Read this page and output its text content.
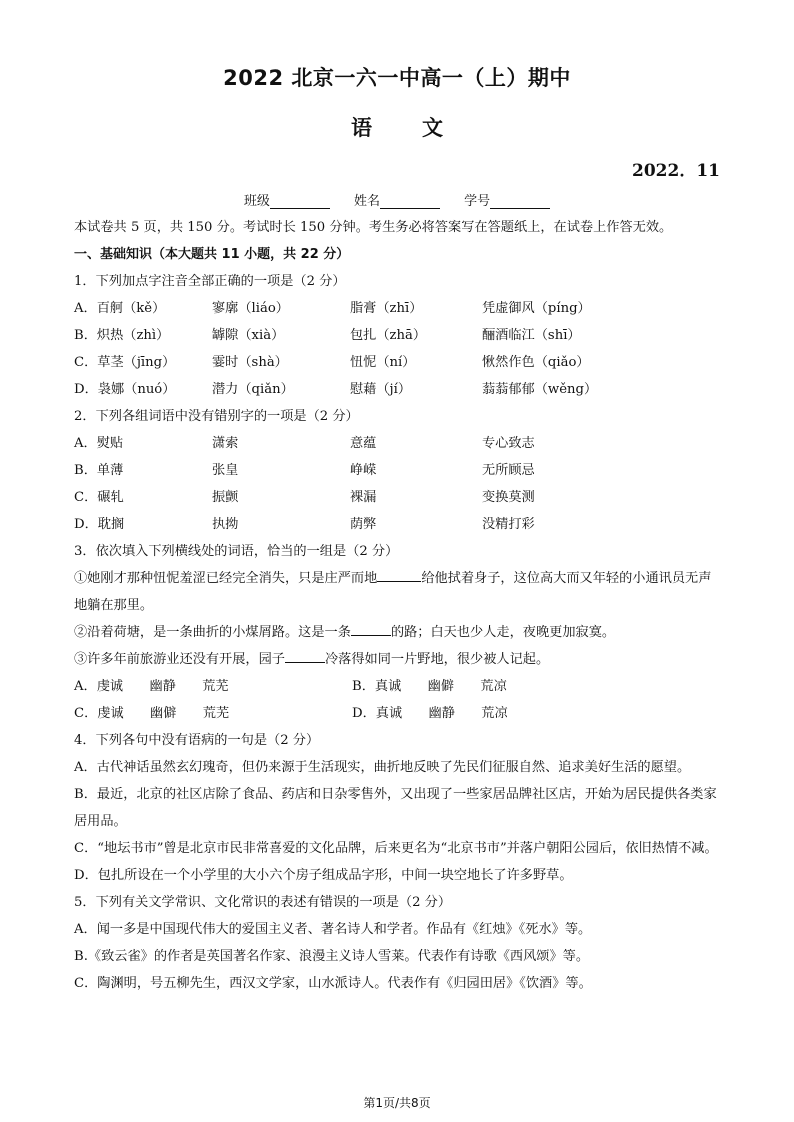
2022 北京一六一中高一（上）期中
语 文
2022．11
班级	姓名	学号
本试卷共 5 页，共 150 分。考试时长 150 分钟。考生务必将答案写在答题纸上，在试卷上作答无效。
一、基础知识（本大题共 11 小题，共 22 分）
1．下列加点字注音全部正确的一项是（2 分）
A．百舸（kě）	寥廓（liáo）	脂膏（zhī）	凭虚御风（píng）
B．炽热（zhì）	罅隙（xià）	包扎（zhā）	酾酒临江（shī）
C．草茎（jīng）	霎时（shà）	忸怩（ní）	愀然作色（qiǎo）
D．袅娜（nuó）	潜力（qiǎn）	慰藉（jí）	蓊蓊郁郁（wěng）
2．下列各组词语中没有错别字的一项是（2 分）
A．熨贴	潇索	意蕴	专心致志
B．单薄	张皇	峥嵘	无所顾忌
C．碾轧	振颤	裸漏	变换莫测
D．耽搁	执拗	荫弊	没精打彩
3．依次填入下列横线处的词语，恰当的一组是（2 分）
①她刚才那种忸怩羞涩已经完全消失，只是庄严而地	给他拭着身子，这位高大而又年轻的小通讯员无声地躺在那里。
②沿着荷塘，是一条曲折的小煤屑路。这是一条	的路；白天也少人走，夜晚更加寂寞。
③许多年前旅游业还没有开展，园子	冷落得如同一片野地，很少被人记起。
A．虔诚　　幽静　　荒芜	B．真诚　　幽僻　　荒凉
C．虔诚　　幽僻　　荒芜	D．真诚　　幽静　　荒凉
4．下列各句中没有语病的一句是（2 分）
A．古代神话虽然玄幻瑰奇，但仍来源于生活现实，曲折地反映了先民们征服自然、追求美好生活的愿望。
B．最近，北京的社区店除了食品、药店和日杂零售外，又出现了一些家居品牌社区店，开始为居民提供各类家居用品。
C．“地坛书市”曾是北京市民非常喜爱的文化品牌，后来更名为“北京书市”并落户朝阳公园后，依旧热情不减。
D．包扎所设在一个小学里的大小六个房子组成品字形，中间一块空地长了许多野草。
5．下列有关文学常识、文化常识的表述有错误的一项是（2 分）
A．闻一多是中国现代伟大的爱国主义者、著名诗人和学者。作品有《红烛》《死水》等。
B.《致云雀》的作者是英国著名作家、浪漫主义诗人雪莱。代表作有诗歌《西风颂》等。
C．陶渊明，号五柳先生，西汉文学家，山水派诗人。代表作有《归园田居》《饮酒》等。
第1页/共8页
